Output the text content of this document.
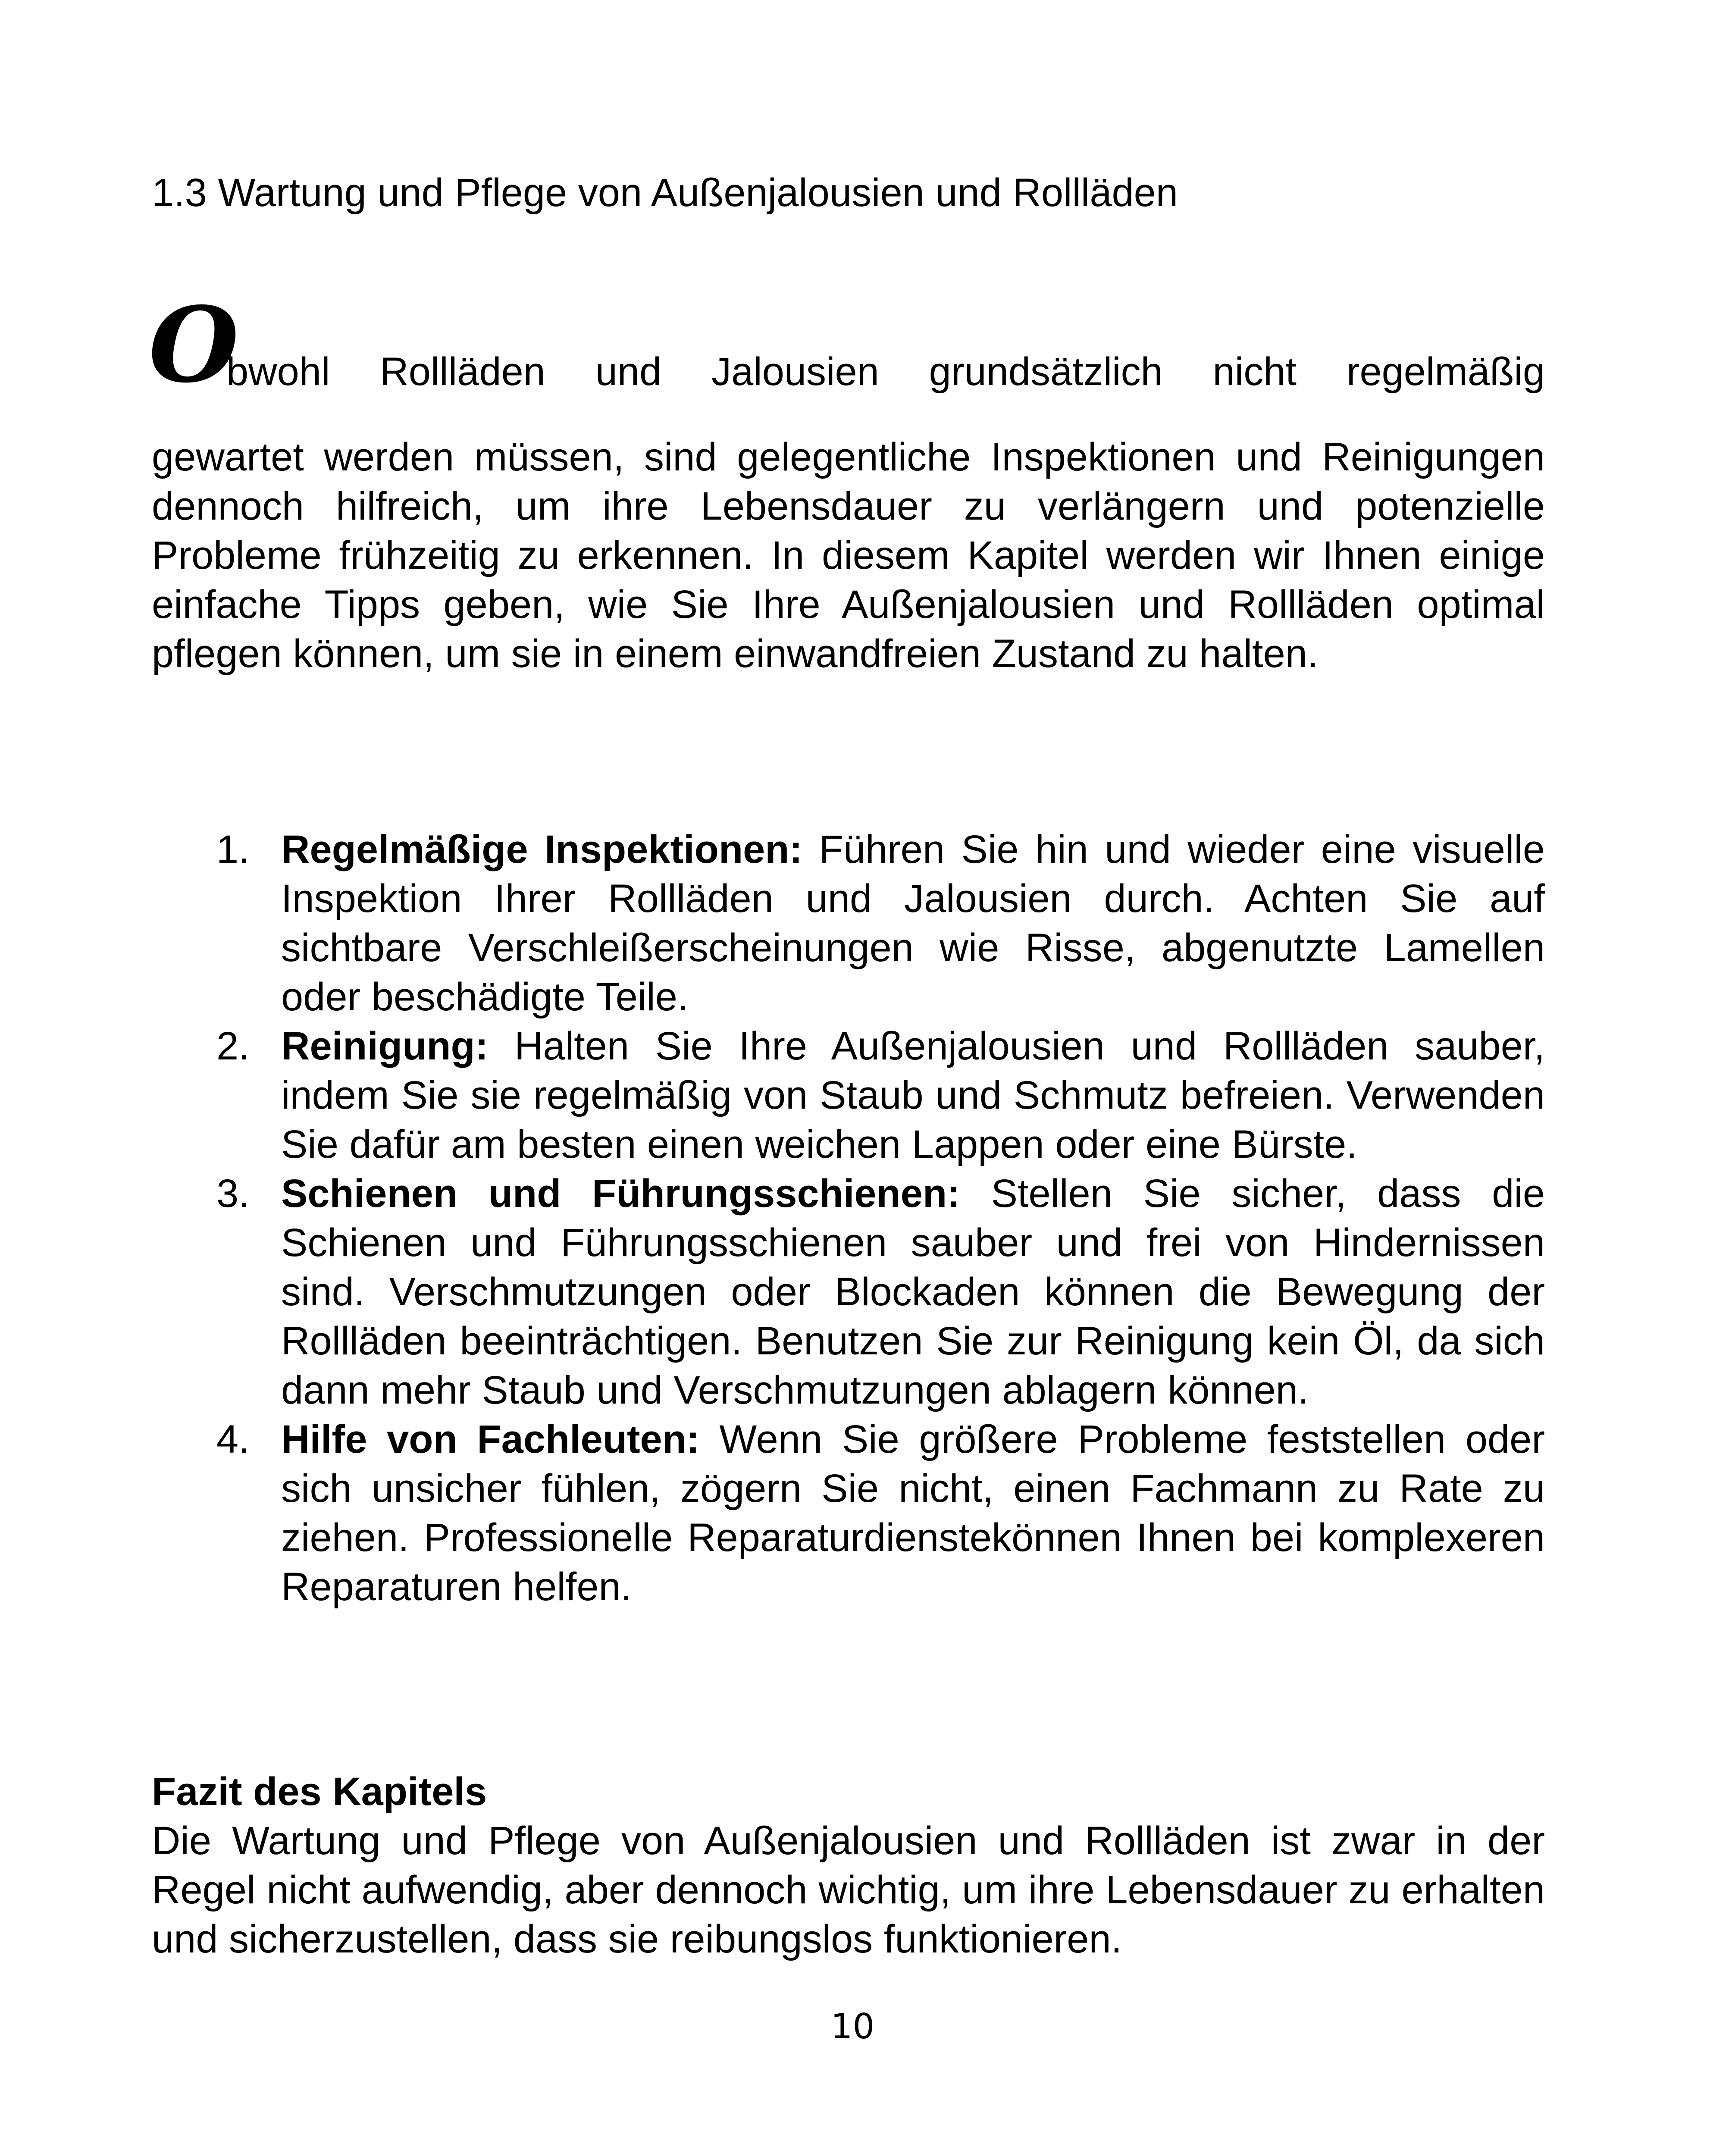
1.3 Wartung und Pflege von Außenjalousien und Rollläden
O
bwohl Rollläden und Jalousien grundsätzlich nicht regelmäßig
gewartet werden müssen, sind gelegentliche Inspektionen und Reinigungen dennoch hilfreich, um ihre Lebensdauer zu verlängern und potenzielle Probleme frühzeitig zu erkennen. In diesem Kapitel werden wir Ihnen einige einfache Tipps geben, wie Sie Ihre Außenjalousien und Rollläden optimal pflegen können, um sie in einem einwandfreien Zustand zu halten.
1. Regelmäßige Inspektionen: Führen Sie hin und wieder eine visuelle Inspektion Ihrer Rollläden und Jalousien durch. Achten Sie auf sichtbare Verschleißerscheinungen wie Risse, abgenutzte Lamellen oder beschädigte Teile.
2. Reinigung: Halten Sie Ihre Außenjalousien und Rollläden sauber, indem Sie sie regelmäßig von Staub und Schmutz befreien. Verwenden Sie dafür am besten einen weichen Lappen oder eine Bürste.
3. Schienen und Führungsschienen: Stellen Sie sicher, dass die Schienen und Führungsschienen sauber und frei von Hindernissen sind. Verschmutzungen oder Blockaden können die Bewegung der Rollläden beeinträchtigen. Benutzen Sie zur Reinigung kein Öl, da sich dann mehr Staub und Verschmutzungen ablagern können.
4. Hilfe von Fachleuten: Wenn Sie größere Probleme feststellen oder sich unsicher fühlen, zögern Sie nicht, einen Fachmann zu Rate zu ziehen. Professionelle Reparaturdienstekönnen Ihnen bei komplexeren Reparaturen helfen.
Fazit des Kapitels
Die Wartung und Pflege von Außenjalousien und Rollläden ist zwar in der Regel nicht aufwendig, aber dennoch wichtig, um ihre Lebensdauer zu erhalten und sicherzustellen, dass sie reibungslos funktionieren.
10
